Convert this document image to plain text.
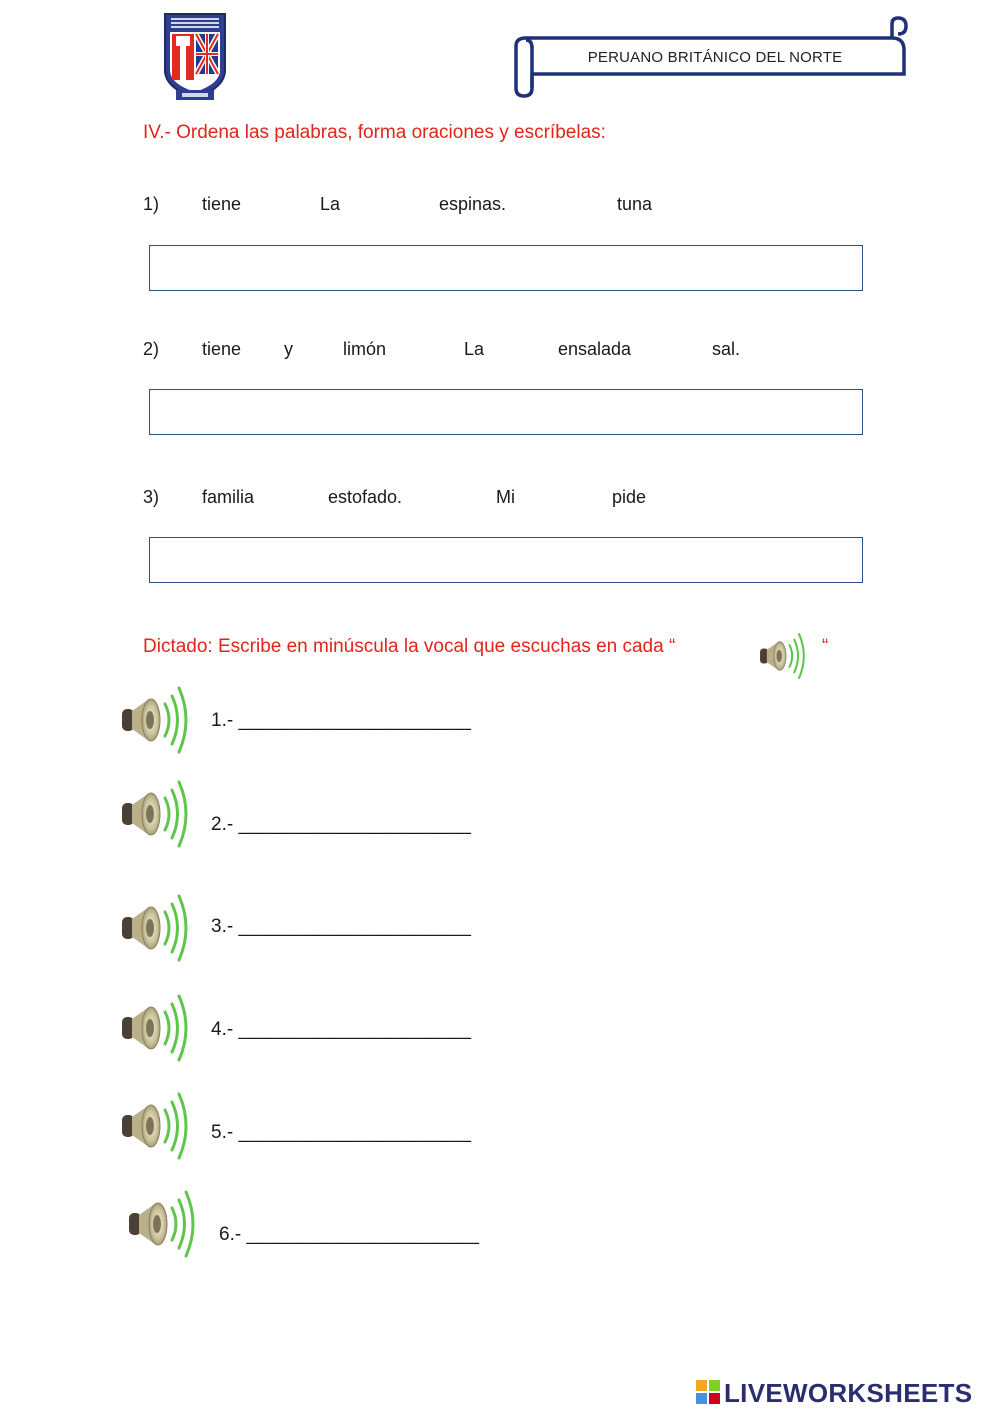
PERUANO BRITÁNICO DEL NORTE
IV.- Ordena las palabras, forma oraciones y escríbelas:
1) tiene	La	espinas.	tuna
2) tiene y	limón	La	ensalada	sal.
3) familia	estofado.	Mi	pide
Dictado: Escribe en minúscula la vocal que escuchas en cada “	“
1.- ______________________
2.- ______________________
3.- ______________________
4.- ______________________
5.- ______________________
6.- ______________________
LIVEWORKSHEETS
